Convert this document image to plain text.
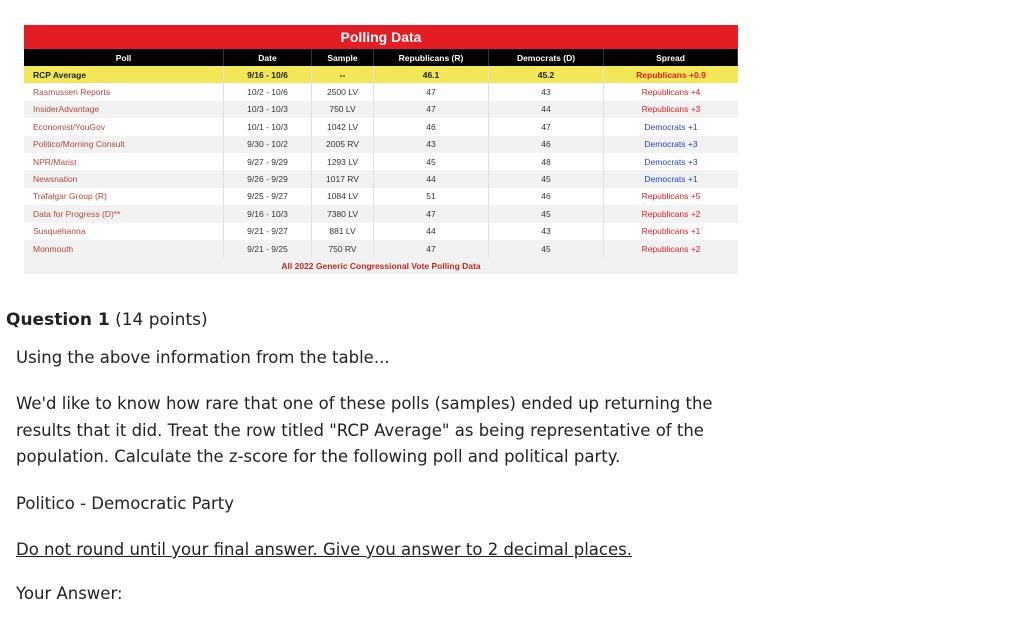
Polling Data
Poll	Date	Sample	Republicans (R)	Democrats (D)	Spread
RCP Average	9/16 - 10/6	--	46.1	45.2	Republicans +0.9
Rasmussen Reports	10/2 - 10/6	2500 LV	47	43	Republicans +4
InsiderAdvantage	10/3 - 10/3	750 LV	47	44	Republicans +3
Economist/YouGov	10/1 - 10/3	1042 LV	46	47	Democrats +1
Politico/Morning Consult	9/30 - 10/2	2005 RV	43	46	Democrats +3
NPR/Marist	9/27 - 9/29	1293 LV	45	48	Democrats +3
Newsnation	9/26 - 9/29	1017 RV	44	45	Democrats +1
Trafalgar Group (R)	9/25 - 9/27	1084 LV	51	46	Republicans +5
Data for Progress (D)**	9/16 - 10/3	7380 LV	47	45	Republicans +2
Susquehanna	9/21 - 9/27	881 LV	44	43	Republicans +1
Monmouth	9/21 - 9/25	750 RV	47	45	Republicans +2
All 2022 Generic Congressional Vote Polling Data

Question 1 (14 points)

Using the above information from the table...
We'd like to know how rare that one of these polls (samples) ended up returning the results that it did. Treat the row titled "RCP Average" as being representative of the population. Calculate the z-score for the following poll and political party.
Politico - Democratic Party
Do not round until your final answer. Give you answer to 2 decimal places.
Your Answer:
